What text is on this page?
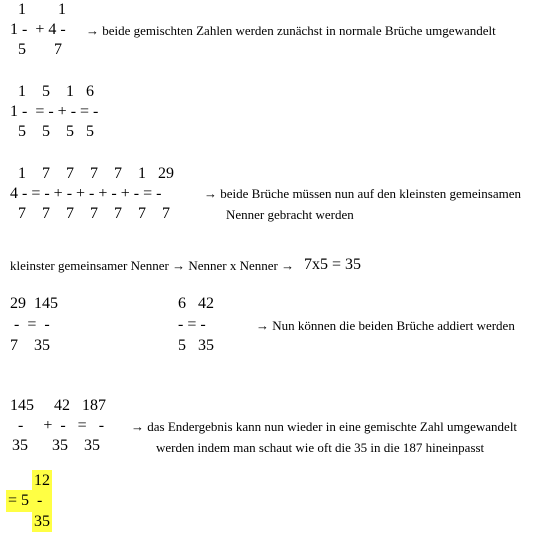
1        1
1 -  + 4 -
5       7
→ beide gemischten Zahlen werden zunächst in normale Brüche umgewandelt
1    5    1   6
1 -  = - + - = -
5    5    5   5
1    7    7    7    7    1   29
4 - = - + - + - + - + - = -
7    7    7    7    7    7    7
→ beide Brüche müssen nun auf den kleinsten gemeinsamen
Nenner gebracht werden
kleinster gemeinsamer Nenner → Nenner x Nenner → 7x5 = 35
29  145
-  =  -
7    35
6   42
- = -
5   35
→ Nun können die beiden Brüche addiert werden
145     42   187
-     +  -   =   -
35      35    35
→ das Endergebnis kann nun wieder in eine gemischte Zahl umgewandelt
werden indem man schaut wie oft die 35 in die 187 hineinpasst
12
= 5  -
35
